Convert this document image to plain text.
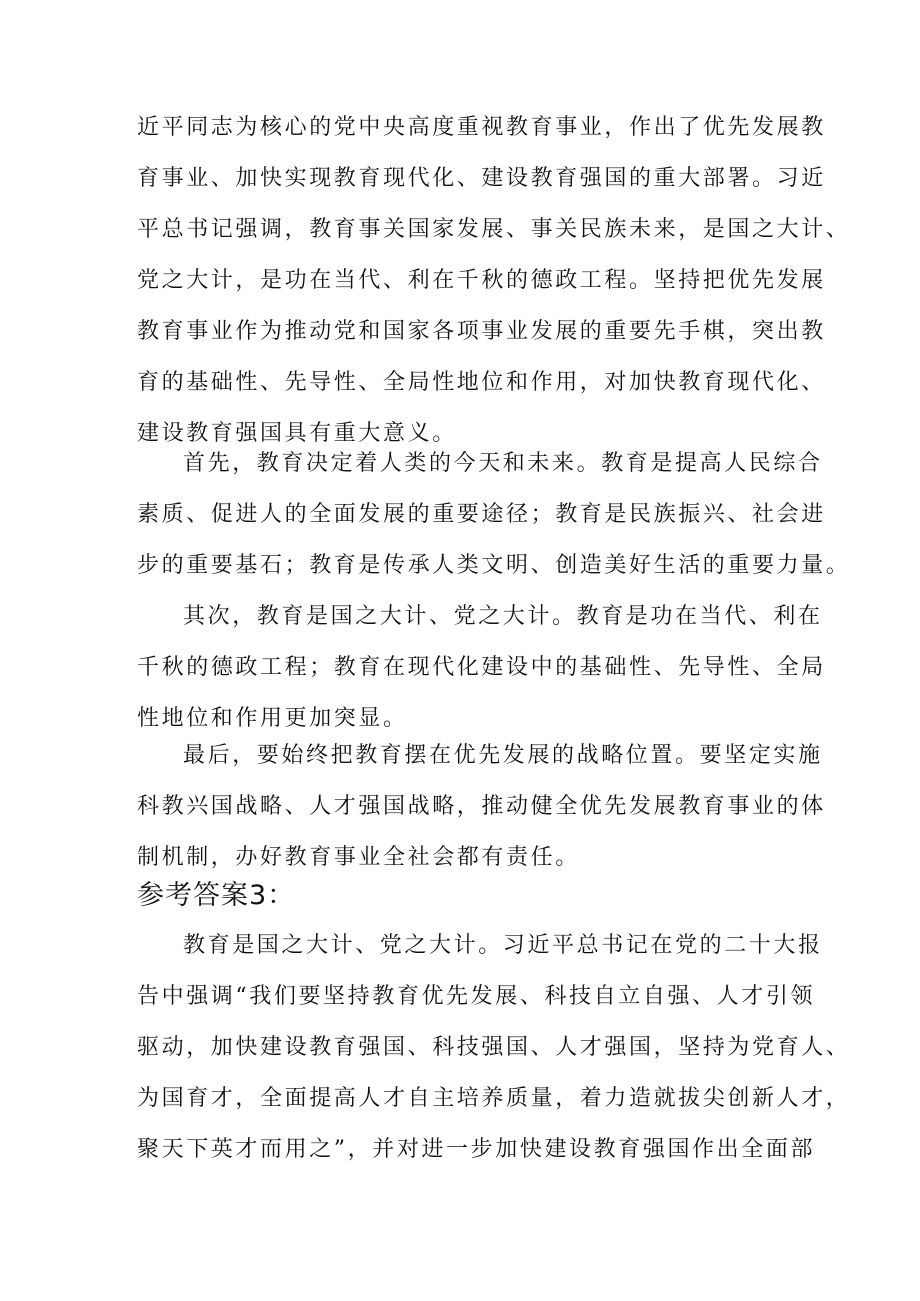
近平同志为核心的党中央高度重视教育事业，作出了优先发展教
育事业、加快实现教育现代化、建设教育强国的重大部署。习近
平总书记强调，教育事关国家发展、事关民族未来，是国之大计、
党之大计，是功在当代、利在千秋的德政工程。坚持把优先发展
教育事业作为推动党和国家各项事业发展的重要先手棋，突出教
育的基础性、先导性、全局性地位和作用，对加快教育现代化、
建设教育强国具有重大意义。
首先，教育决定着人类的今天和未来。教育是提高人民综合
素质、促进人的全面发展的重要途径；教育是民族振兴、社会进
步的重要基石；教育是传承人类文明、创造美好生活的重要力量。
其次，教育是国之大计、党之大计。教育是功在当代、利在
千秋的德政工程；教育在现代化建设中的基础性、先导性、全局
性地位和作用更加突显。
最后，要始终把教育摆在优先发展的战略位置。要坚定实施
科教兴国战略、人才强国战略，推动健全优先发展教育事业的体
制机制，办好教育事业全社会都有责任。
参考答案3：
教育是国之大计、党之大计。习近平总书记在党的二十大报
告中强调“我们要坚持教育优先发展、科技自立自强、人才引领
驱动，加快建设教育强国、科技强国、人才强国，坚持为党育人、
为国育才，全面提高人才自主培养质量，着力造就拔尖创新人才，
聚天下英才而用之”，并对进一步加快建设教育强国作出全面部
